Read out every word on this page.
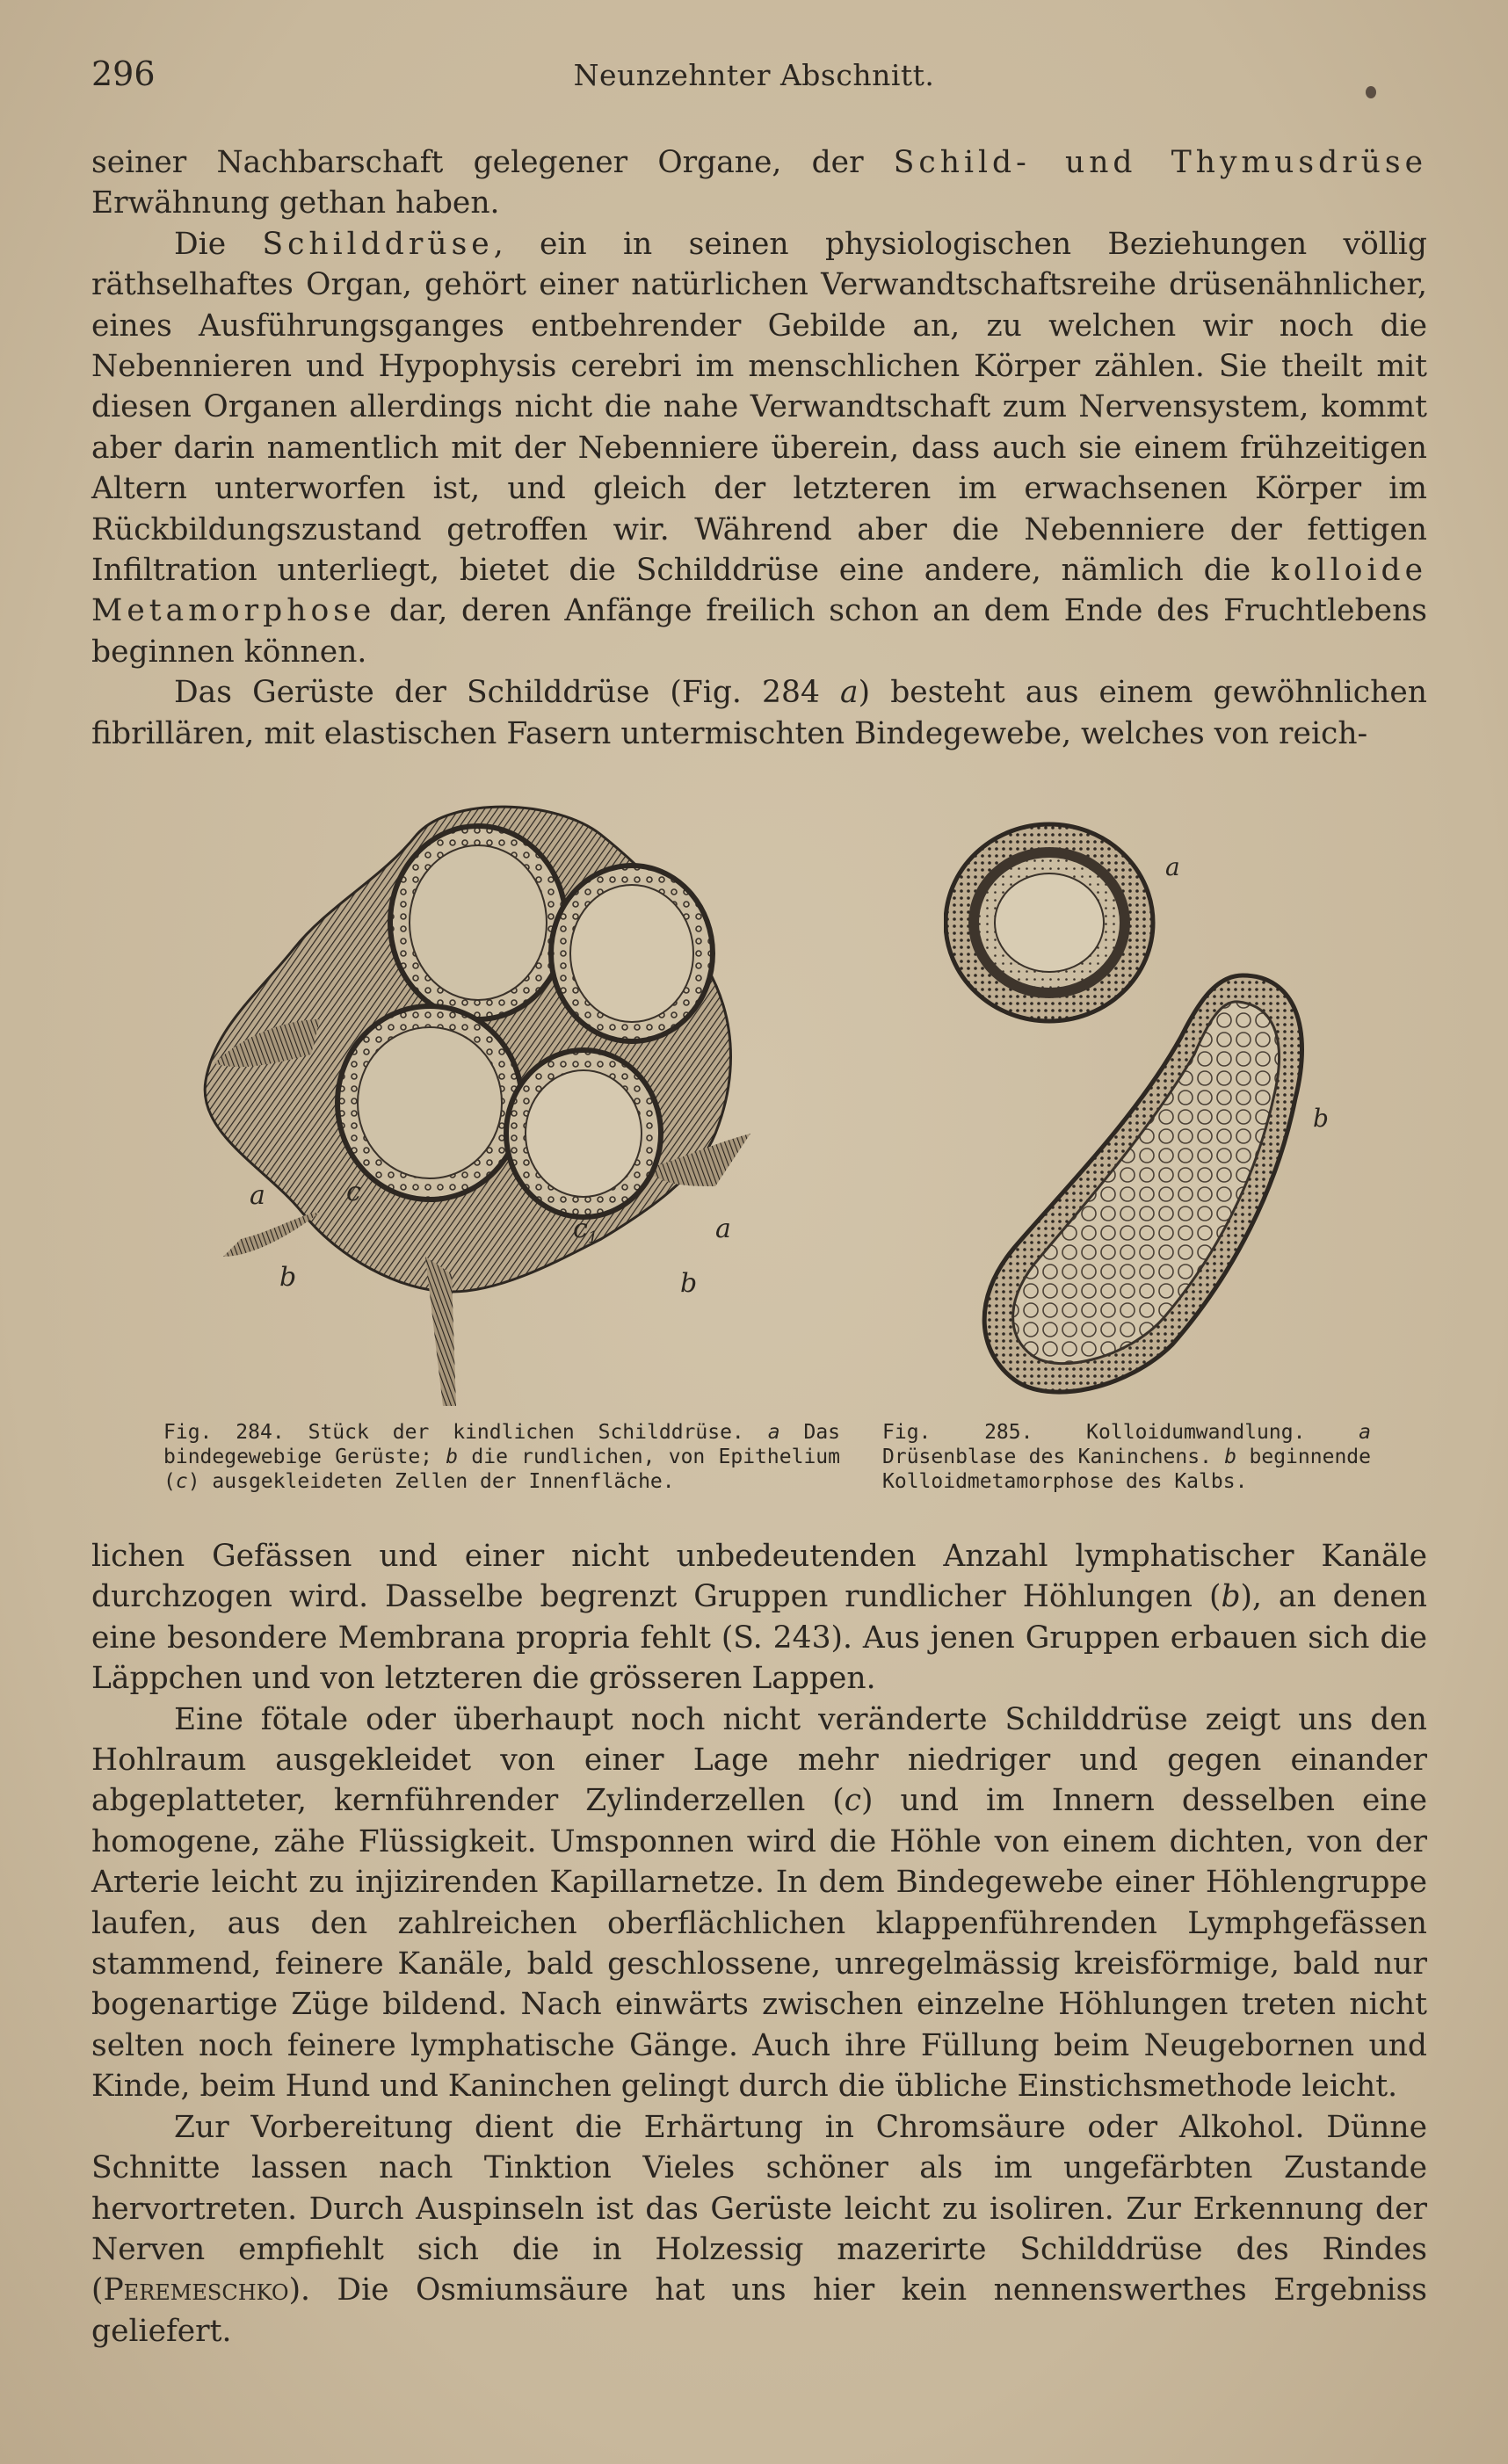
296	Neunzehnter Abschnitt.

seiner Nachbarschaft gelegener Organe, der Schild- und Thymusdrüse Erwähnung gethan haben.

Die Schilddrüse, ein in seinen physiologischen Beziehungen völlig räthselhaftes Organ, gehört einer natürlichen Verwandtschaftsreihe drüsenähnlicher, eines Ausführungsganges entbehrender Gebilde an, zu welchen wir noch die Nebennieren und Hypophysis cerebri im menschlichen Körper zählen. Sie theilt mit diesen Organen allerdings nicht die nahe Verwandtschaft zum Nervensystem, kommt aber darin namentlich mit der Nebenniere überein, dass auch sie einem frühzeitigen Altern unterworfen ist, und gleich der letzteren im erwachsenen Körper im Rückbildungszustand getroffen wir. Während aber die Nebenniere der fettigen Infiltration unterliegt, bietet die Schilddrüse eine andere, nämlich die kolloide Metamorphose dar, deren Anfänge freilich schon an dem Ende des Fruchtlebens beginnen können.

Das Gerüste der Schilddrüse (Fig. 284 a) besteht aus einem gewöhnlichen fibrillären, mit elastischen Fasern untermischten Bindegewebe, welches von reich-

a
a
b
c
$c_1$
b
Fig. 284. Stück der kindlichen Schilddrüse. a Das bindegewebige Gerüste; b die rundlichen, von Epithelium (c) ausgekleideten Zellen der Innenfläche.
a
b
Fig. 285. Kolloidumwandlung. a Drüsenblase des Kaninchens. b beginnende Kolloidmetamorphose des Kalbs.

lichen Gefässen und einer nicht unbedeutenden Anzahl lymphatischer Kanäle durchzogen wird. Dasselbe begrenzt Gruppen rundlicher Höhlungen (b), an denen eine besondere Membrana propria fehlt (S. 243). Aus jenen Gruppen erbauen sich die Läppchen und von letzteren die grösseren Lappen.

Eine fötale oder überhaupt noch nicht veränderte Schilddrüse zeigt uns den Hohlraum ausgekleidet von einer Lage mehr niedriger und gegen einander abgeplatteter, kernführender Zylinderzellen (c) und im Innern desselben eine homogene, zähe Flüssigkeit. Umsponnen wird die Höhle von einem dichten, von der Arterie leicht zu injizirenden Kapillarnetze. In dem Bindegewebe einer Höhlengruppe laufen, aus den zahlreichen oberflächlichen klappenführenden Lymphgefässen stammend, feinere Kanäle, bald geschlossene, unregelmässig kreisförmige, bald nur bogenartige Züge bildend. Nach einwärts zwischen einzelne Höhlungen treten nicht selten noch feinere lymphatische Gänge. Auch ihre Füllung beim Neugebornen und Kinde, beim Hund und Kaninchen gelingt durch die übliche Einstichsmethode leicht.

Zur Vorbereitung dient die Erhärtung in Chromsäure oder Alkohol. Dünne Schnitte lassen nach Tinktion Vieles schöner als im ungefärbten Zustande hervortreten. Durch Auspinseln ist das Gerüste leicht zu isoliren. Zur Erkennung der Nerven empfiehlt sich die in Holzessig mazerirte Schilddrüse des Rindes (Peremeschko). Die Osmiumsäure hat uns hier kein nennenswerthes Ergebniss geliefert.
